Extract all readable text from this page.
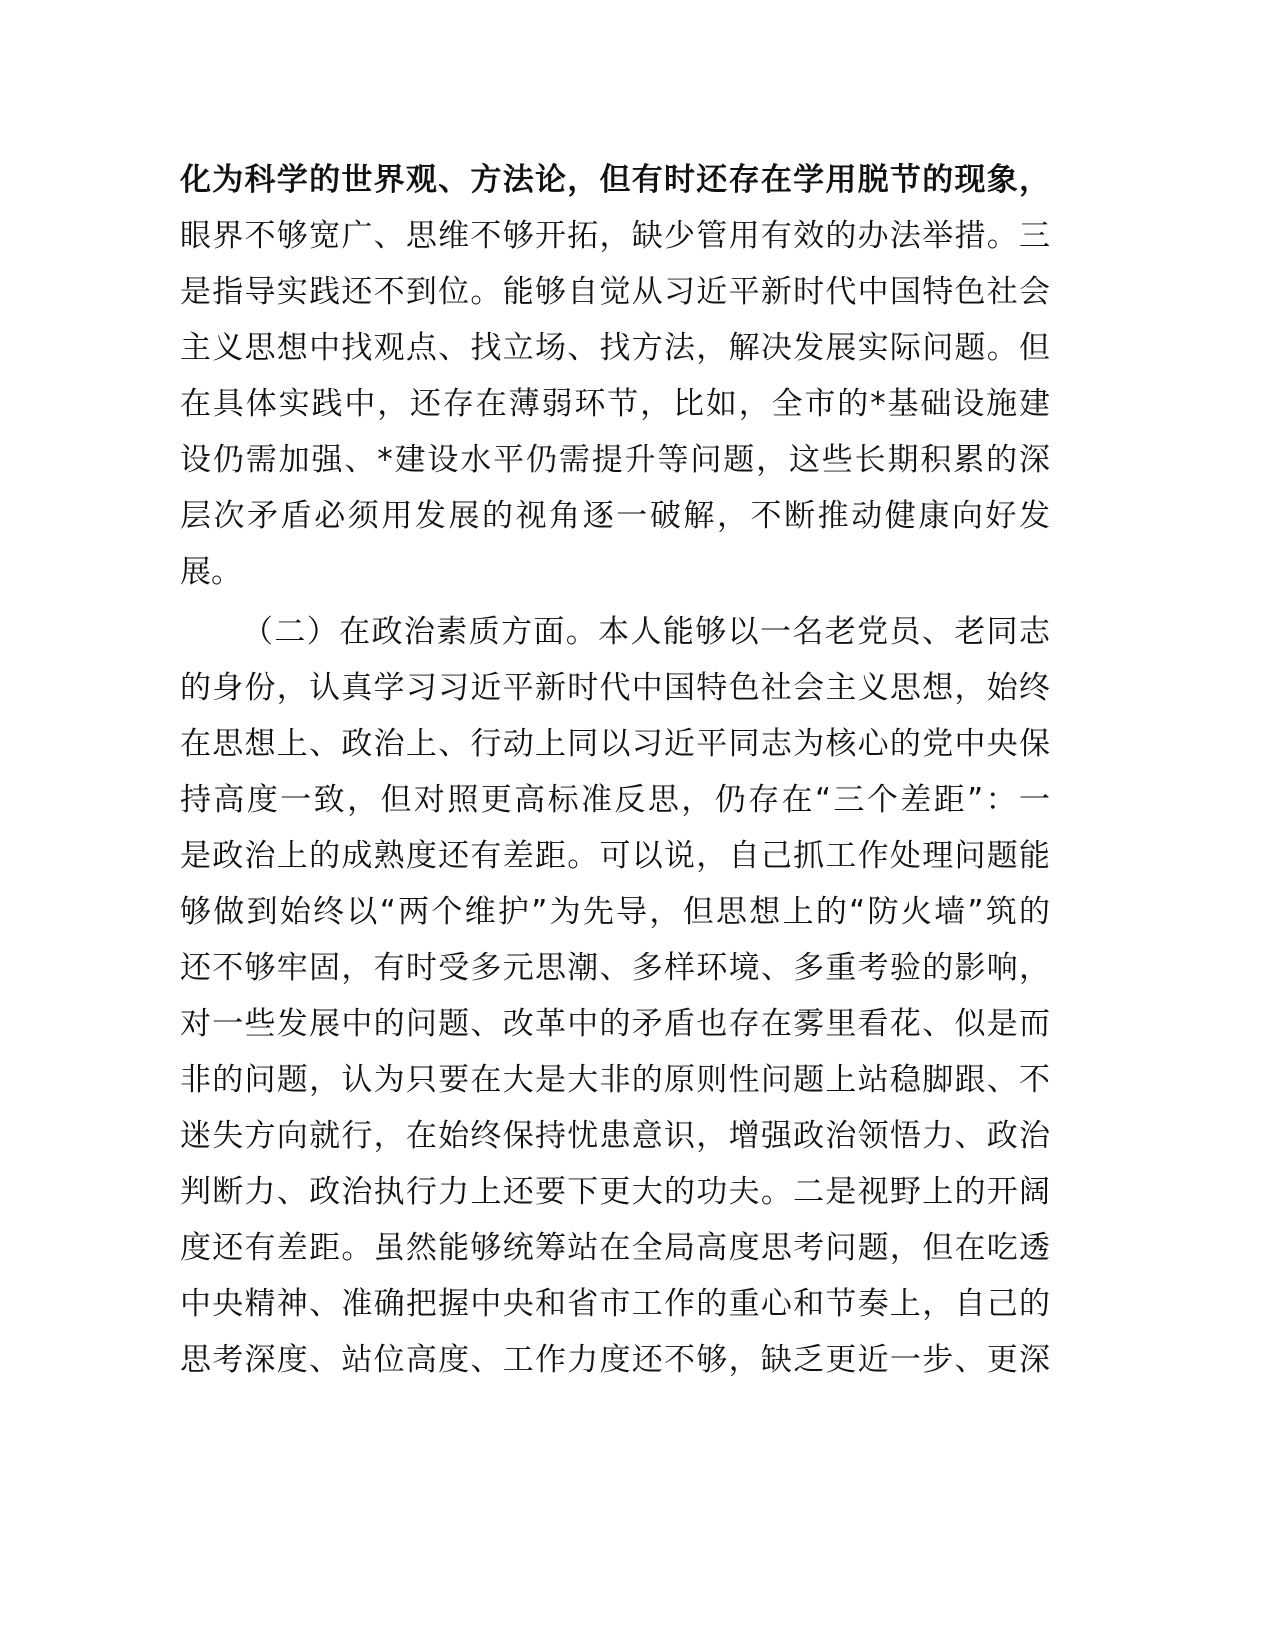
化为科学的世界观、方法论，但有时还存在学用脱节的现象，
眼界不够宽广、思维不够开拓，缺少管用有效的办法举措。三
是指导实践还不到位。能够自觉从习近平新时代中国特色社会
主义思想中找观点、找立场、找方法，解决发展实际问题。但
在具体实践中，还存在薄弱环节，比如，全市的*基础设施建
设仍需加强、*建设水平仍需提升等问题，这些长期积累的深
层次矛盾必须用发展的视角逐一破解，不断推动健康向好发
展。
（二）在政治素质方面。本人能够以一名老党员、老同志
的身份，认真学习习近平新时代中国特色社会主义思想，始终
在思想上、政治上、行动上同以习近平同志为核心的党中央保
持高度一致，但对照更高标准反思，仍存在“三个差距”：一
是政治上的成熟度还有差距。可以说，自己抓工作处理问题能
够做到始终以“两个维护”为先导，但思想上的“防火墙”筑的
还不够牢固，有时受多元思潮、多样环境、多重考验的影响，
对一些发展中的问题、改革中的矛盾也存在雾里看花、似是而
非的问题，认为只要在大是大非的原则性问题上站稳脚跟、不
迷失方向就行，在始终保持忧患意识，增强政治领悟力、政治
判断力、政治执行力上还要下更大的功夫。二是视野上的开阔
度还有差距。虽然能够统筹站在全局高度思考问题，但在吃透
中央精神、准确把握中央和省市工作的重心和节奏上，自己的
思考深度、站位高度、工作力度还不够，缺乏更近一步、更深
